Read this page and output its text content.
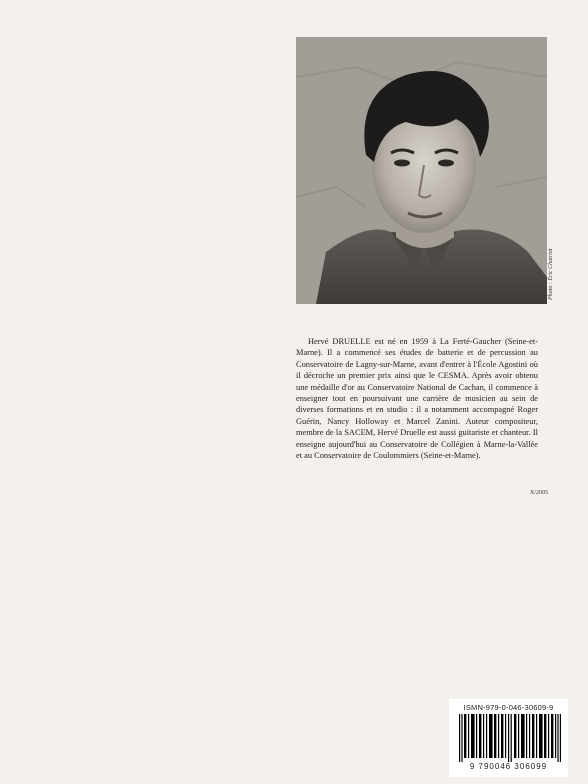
Photo : Éric Chatriot

Hervé DRUELLE est né en 1959 à La Ferté-Gaucher (Seine-et-Marne). Il a commencé ses études de batterie et de percussion au Conservatoire de Lagny-sur-Marne, avant d'entrer à l'École Agostini où il décroche un premier prix ainsi que le CESMA. Après avoir obtenu une médaille d'or au Conservatoire National de Cachan, il commence à enseigner tout en poursuivant une carrière de musicien au sein de diverses formations et en studio : il a notamment accompagné Roger Guérin, Nancy Holloway et Marcel Zanini. Auteur compositeur, membre de la SACEM, Hervé Druelle est aussi guitariste et chanteur. Il enseigne aujourd'hui au Conservatoire de Collégien à Marne-la-Vallée et au Conservatoire de Coulommiers (Seine-et-Marne).

X/2005
ISMN-979-0-046-30609-9
9 790046 306099
